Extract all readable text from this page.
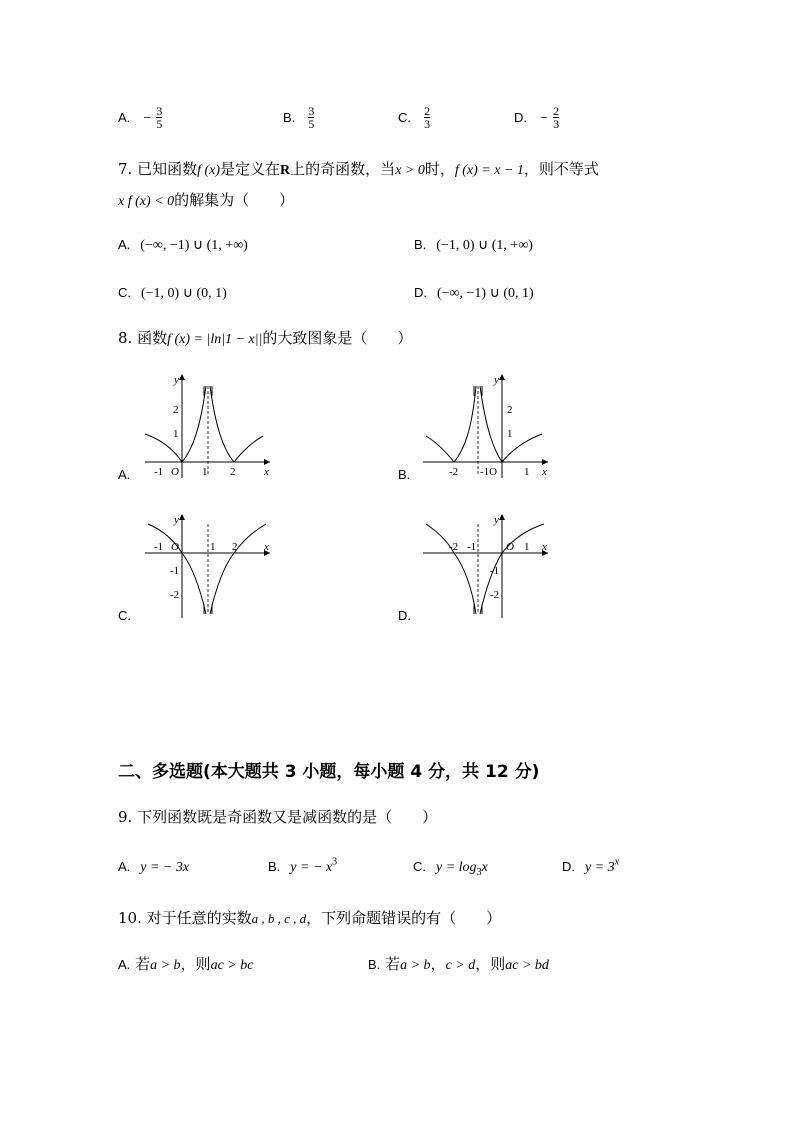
A. − $\frac{3}{5}$	B. $\frac{3}{5}$	C. $\frac{2}{3}$	D. − $\frac{2}{3}$
7. 已知函数f (x)是定义在R上的奇函数，当x > 0时，f (x) = x − 1，则不等式
x f (x) < 0的解集为（　　）
A. (−∞, −1) ∪ (1, +∞)	B. (−1, 0) ∪ (1, +∞)
C. (−1, 0) ∪ (0, 1)	D. (−∞, −1) ∪ (0, 1)
8. 函数f (x) = |ln|1 − x||的大致图象是（　　）
A.
y
x
O
-1	1 2
1
2
B.
y
x
-2 -1O 1
1
2
C.
y
x
O
-1	1 2
-1
-2
D.
y
x
O
-2 -1	1
-1
-2
二、多选题(本大题共 3 小题，每小题 4 分，共 12 分)
9. 下列函数既是奇函数又是减函数的是（　　）
A. y = − 3x	B. y = − $x^3$	C. $y = \log_3x$	D. $y = 3^x$
10. 对于任意的实数a , b , c , d，下列命题错误的有（　　）
A. 若a > b，则ac > bc	B. 若a > b，c > d，则ac > bd
